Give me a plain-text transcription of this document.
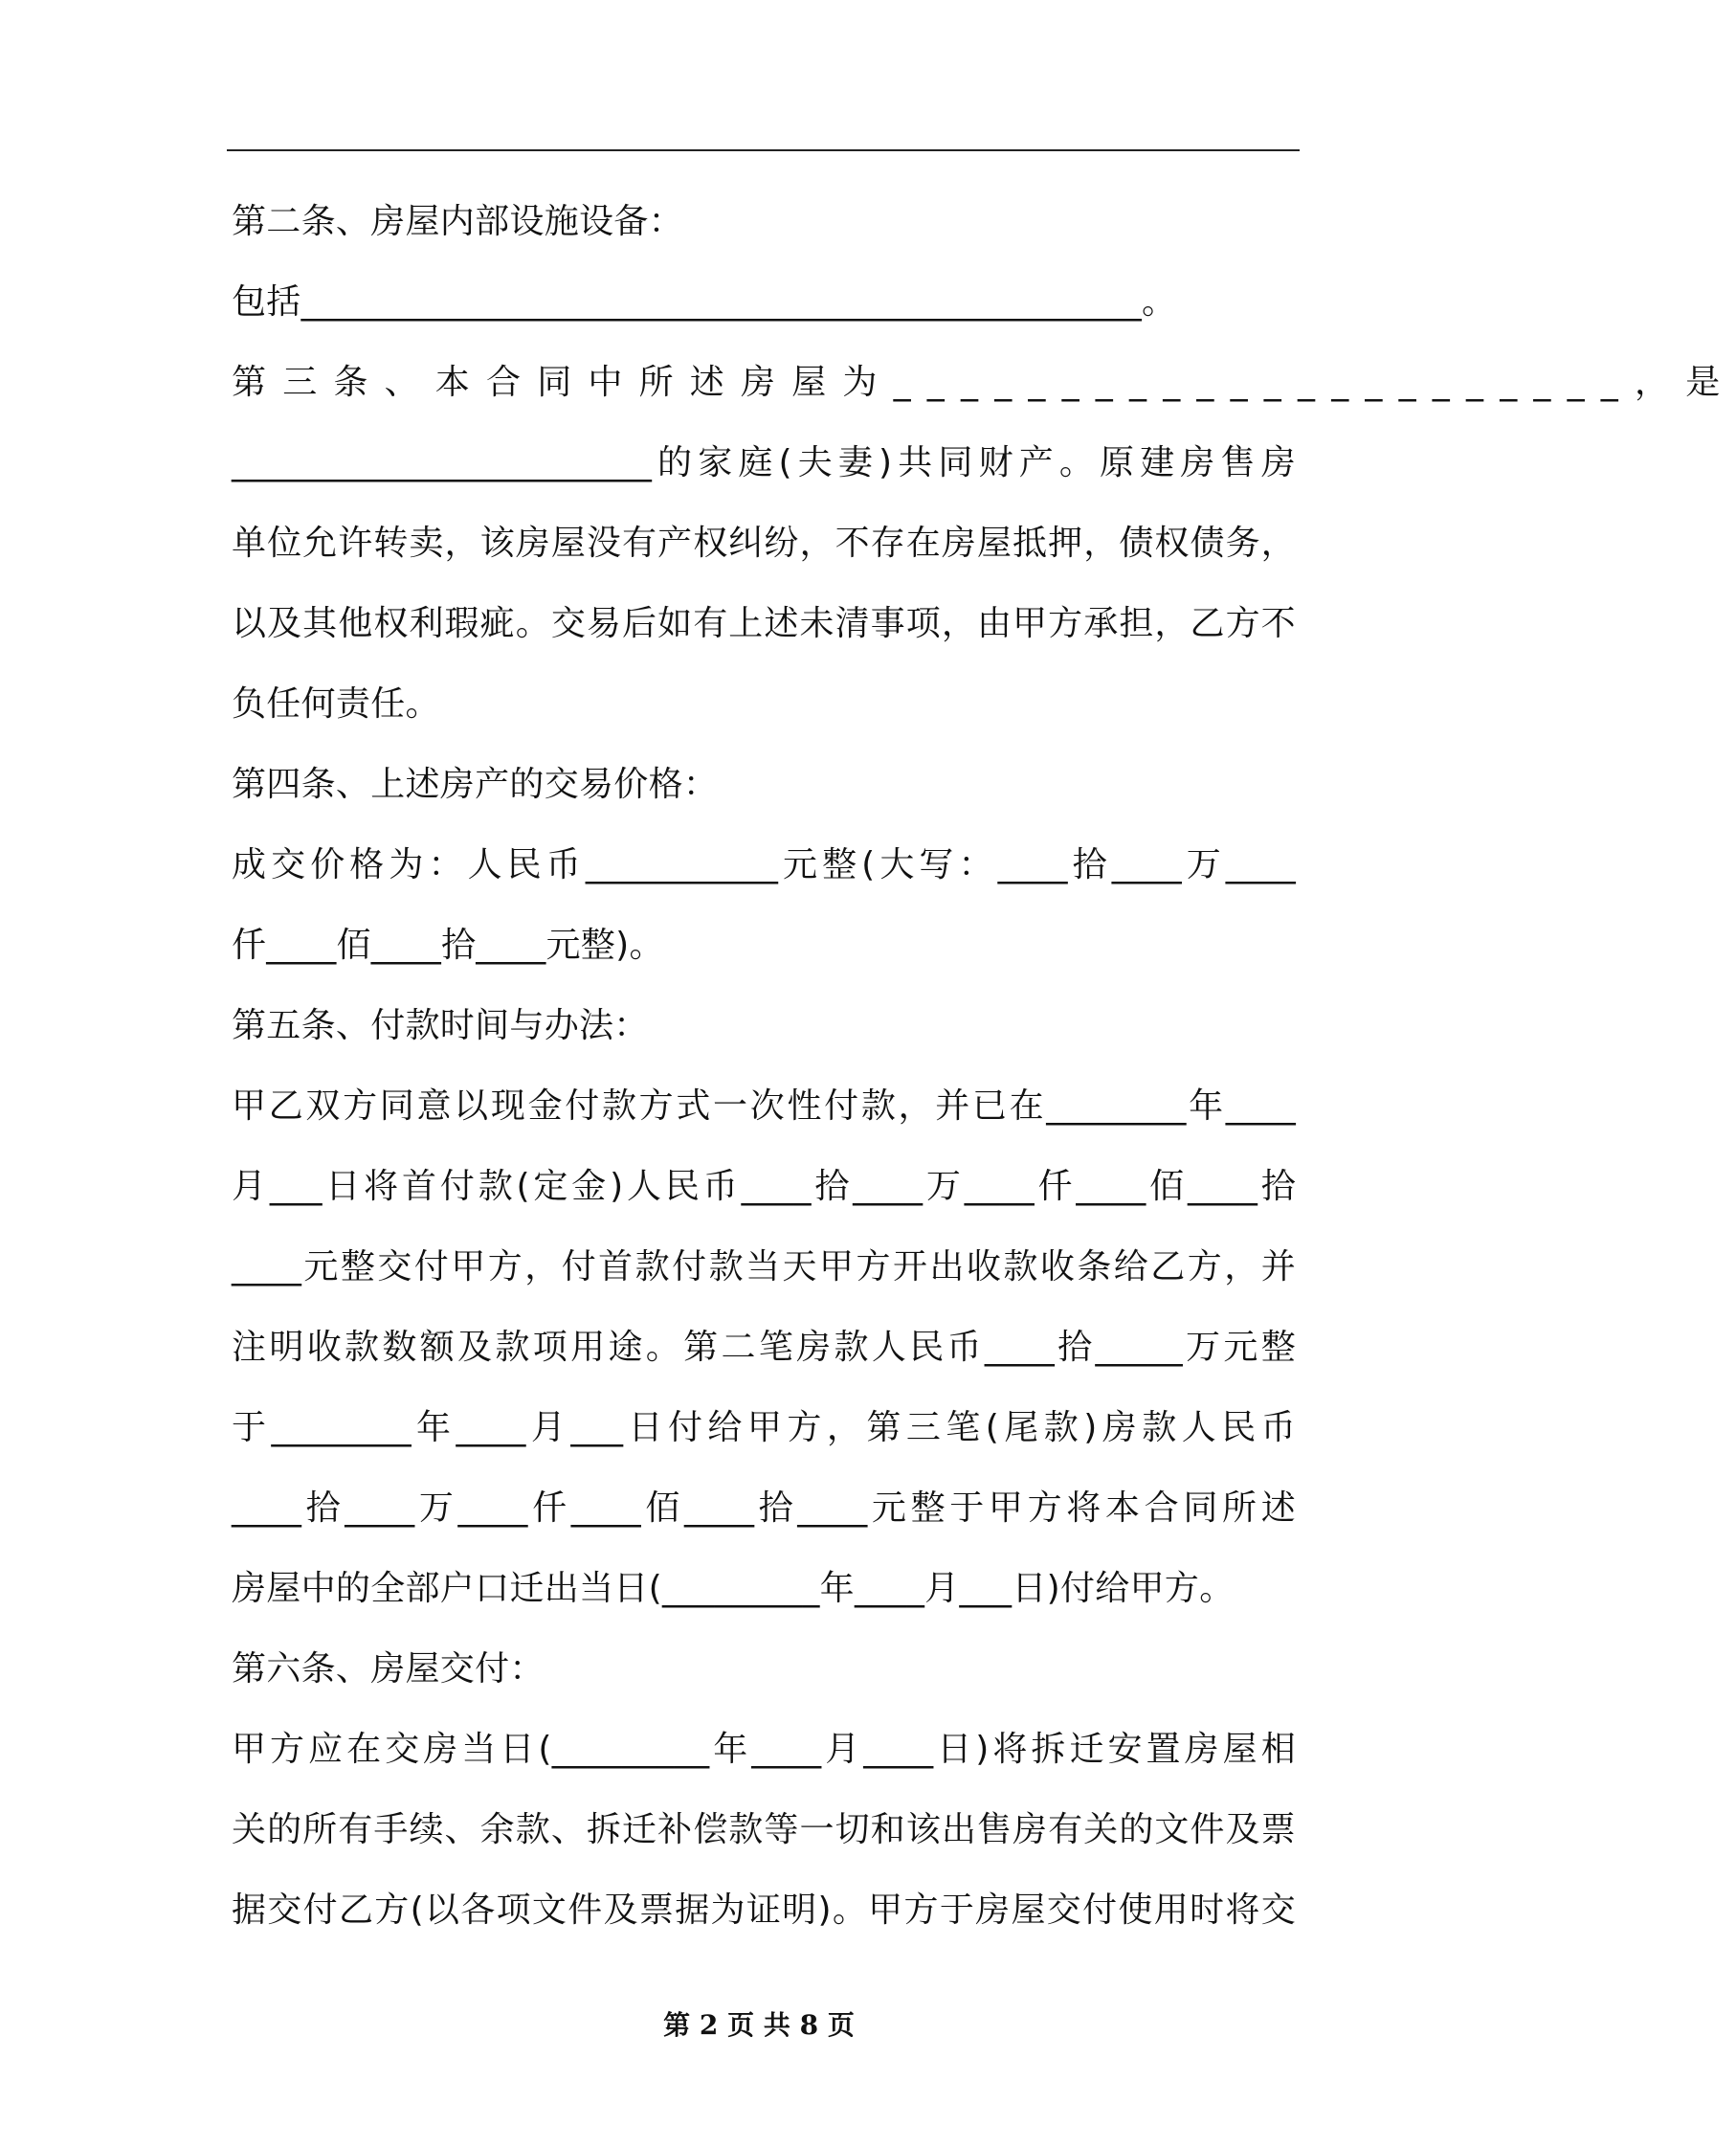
第二条、房屋内部设施设备：
包括________________________________________________。
第三条、本合同中所述房屋为______________________，是
________________________的家庭(夫妻)共同财产。原建房售房
单位允许转卖，该房屋没有产权纠纷，不存在房屋抵押，债权债务，
以及其他权利瑕疵。交易后如有上述未清事项，由甲方承担，乙方不
负任何责任。
第四条、上述房产的交易价格：
成交价格为：人民币___________元整(大写：____拾____万____
仟____佰____拾____元整)。
第五条、付款时间与办法：
甲乙双方同意以现金付款方式一次性付款，并已在________年____
月___日将首付款(定金)人民币____拾____万____仟____佰____拾
____元整交付甲方，付首款付款当天甲方开出收款收条给乙方，并
注明收款数额及款项用途。第二笔房款人民币____拾_____万元整
于________年____月___日付给甲方，第三笔(尾款)房款人民币
____拾____万____仟____佰____拾____元整于甲方将本合同所述
房屋中的全部户口迁出当日(_________年____月___日)付给甲方。
第六条、房屋交付：
甲方应在交房当日(_________年____月____日)将拆迁安置房屋相
关的所有手续、余款、拆迁补偿款等一切和该出售房有关的文件及票
据交付乙方(以各项文件及票据为证明)。甲方于房屋交付使用时将交
第 2 页 共 8 页
